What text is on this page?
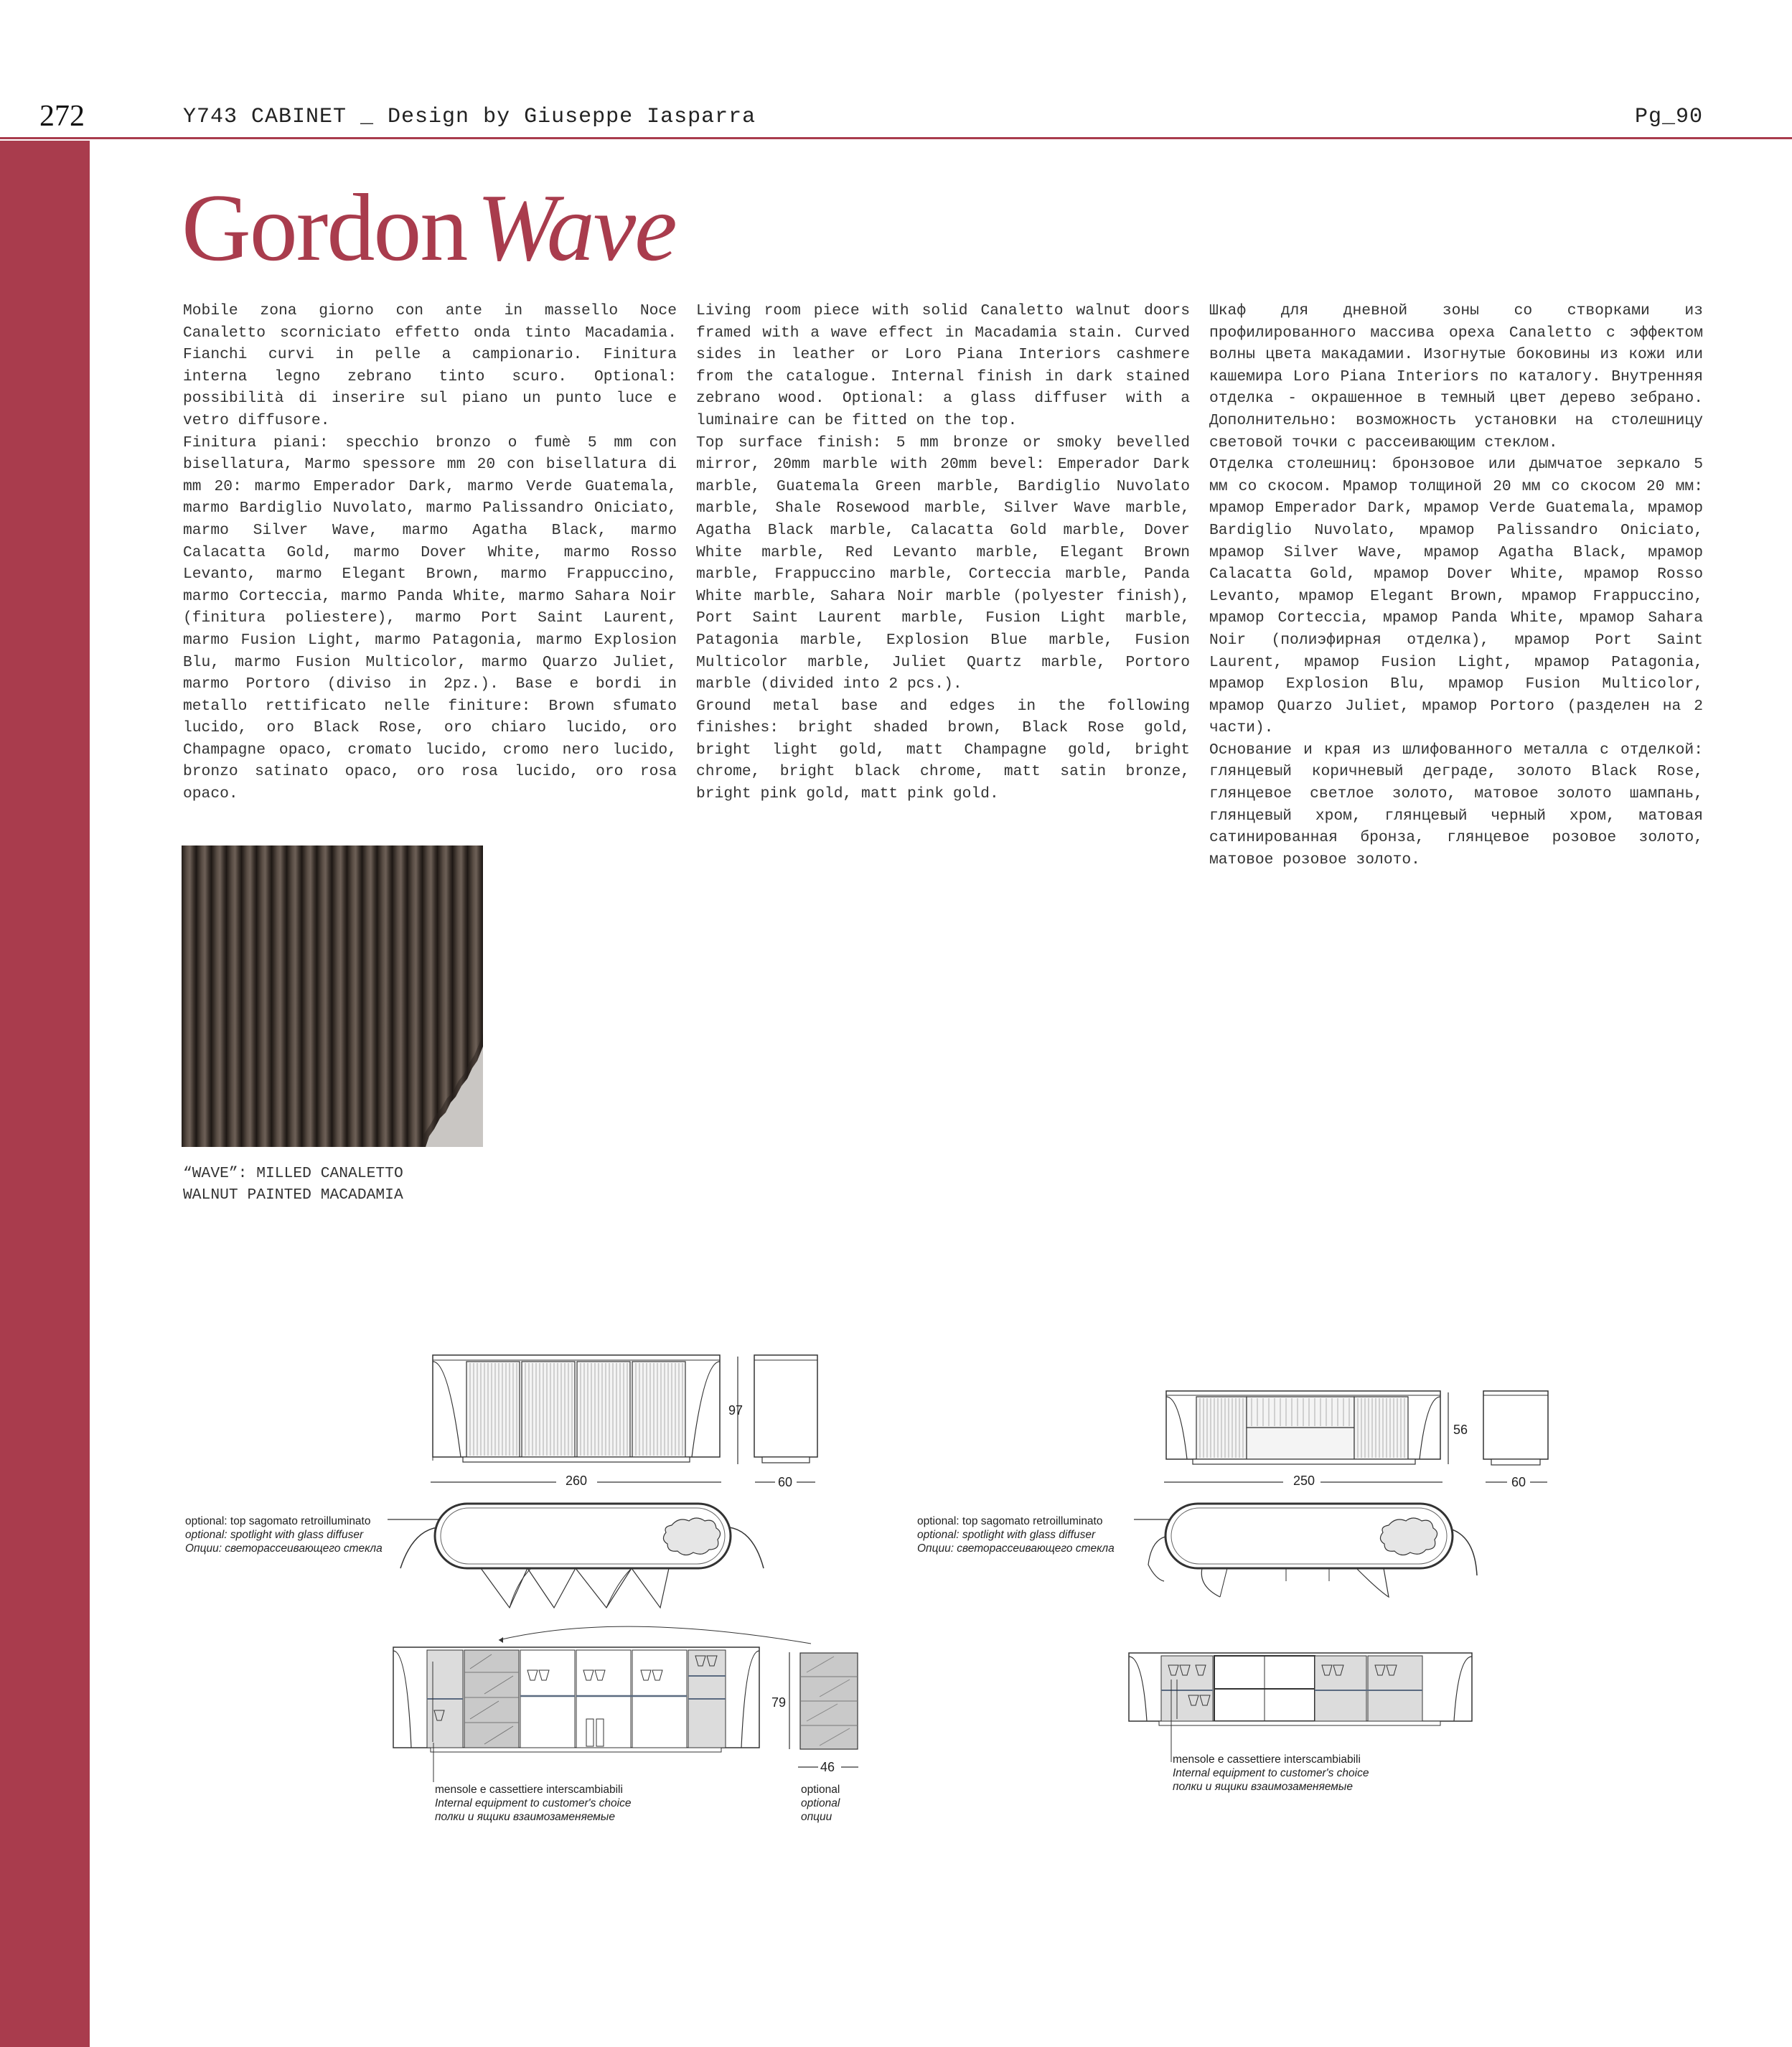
272	Y743 CABINET _ Design by Giuseppe Iasparra	Pg_90
Gordon Wave

Mobile zona giorno con ante in massello Noce Canaletto scorniciato effetto onda tinto Macadamia. Fianchi curvi in pelle a campionario. Finitura interna legno zebrano tinto scuro. Optional: possibilità di inserire sul piano un punto luce e vetro diffusore.

Finitura piani: specchio bronzo o fumè 5 mm con bisellatura, Marmo spessore mm 20 con bisellatura di mm 20: marmo Emperador Dark, marmo Verde Guatemala, marmo Bardiglio Nuvolato, marmo Palissandro Oniciato, marmo Silver Wave, marmo Agatha Black, marmo Calacatta Gold, marmo Dover White, marmo Rosso Levanto, marmo Elegant Brown, marmo Frappuccino, marmo Corteccia, marmo Panda White, marmo Sahara Noir (finitura poliestere), marmo Port Saint Laurent, marmo Fusion Light, marmo Patagonia, marmo Explosion Blu, marmo Fusion Multicolor, marmo Quarzo Juliet, marmo Portoro (diviso in 2pz.). Base e bordi in metallo rettificato nelle finiture: Brown sfumato lucido, oro Black Rose, oro chiaro lucido, oro Champagne opaco, cromato lucido, cromo nero lucido, bronzo satinato opaco, oro rosa lucido, oro rosa opaco.

Living room piece with solid Canaletto walnut doors framed with a wave effect in Macadamia stain. Curved sides in leather or Loro Piana Interiors cashmere from the catalogue. Internal finish in dark stained zebrano wood. Optional: a glass diffuser with a luminaire can be fitted on the top.

Top surface finish: 5 mm bronze or smoky bevelled mirror, 20mm marble with 20mm bevel: Emperador Dark marble, Guatemala Green marble, Bardiglio Nuvolato marble, Shale Rosewood marble, Silver Wave marble, Agatha Black marble, Calacatta Gold marble, Dover White marble, Red Levanto marble, Elegant Brown marble, Frappuccino marble, Corteccia marble, Panda White marble, Sahara Noir marble (polyester finish), Port Saint Laurent marble, Fusion Light marble, Patagonia marble, Explosion Blue marble, Fusion Multicolor marble, Juliet Quartz marble, Portoro marble (divided into 2 pcs.).

Ground metal base and edges in the following finishes: bright shaded brown, Black Rose gold, bright light gold, matt Champagne gold, bright chrome, bright black chrome, matt satin bronze, bright pink gold, matt pink gold.

Шкаф для дневной зоны со створками из профилированного массива ореха Canaletto с эффектом волны цвета макадамии. Изогнутые боковины из кожи или кашемира Loro Piana Interiors по каталогу. Внутренняя отделка - окрашенное в темный цвет дерево зебрано. Дополнительно: возможность установки на столешницу световой точки с рассеивающим стеклом.

Отделка столешниц: бронзовое или дымчатое зеркало 5 мм со скосом. Мрамор толщиной 20 мм со скосом 20 мм: мрамор Emperador Dark, мрамор Verde Guatemala, мрамор Bardiglio Nuvolato, мрамор Palissandro Oniciato, мрамор Silver Wave, мрамор Agatha Black, мрамор Calacatta Gold, мрамор Dover White, мрамор Rosso Levanto, мрамор Elegant Brown, мрамор Frappuccino, мрамор Corteccia, мрамор Panda White, мрамор Sahara Noir (полиэфирная отделка), мрамор Port Saint Laurent, мрамор Fusion Light, мрамор Patagonia, мрамор Explosion Blu, мрамор Fusion Multicolor, мрамор Quarzo Juliet, мрамор Portoro (разделен на 2 части).

Основание и края из шлифованного металла с отделкой: глянцевый коричневый деграде, золото Black Rose, глянцевое светлое золото, матовое золото шампань, глянцевый хром, глянцевый черный хром, матовая сатинированная бронза, глянцевое розовое золото, матовое розовое золото.

“WAVE”: MILLED CANALETTO
WALNUT PAINTED MACADAMIA
97
260	60
optional: top sagomato retroilluminato
optional: spotlight with glass diffuser
Опции: светорассеивающего стекла
79
46
mensole e cassettiere interscambiabili
Internal equipment to customer's choice
полки и ящики взаимозаменяемые
optional
optional
опции
56
250	60
optional: top sagomato retroilluminato
optional: spotlight with glass diffuser
Опции: светорассеивающего стекла
mensole e cassettiere interscambiabili
Internal equipment to customer's choice
полки и ящики взаимозаменяемые
